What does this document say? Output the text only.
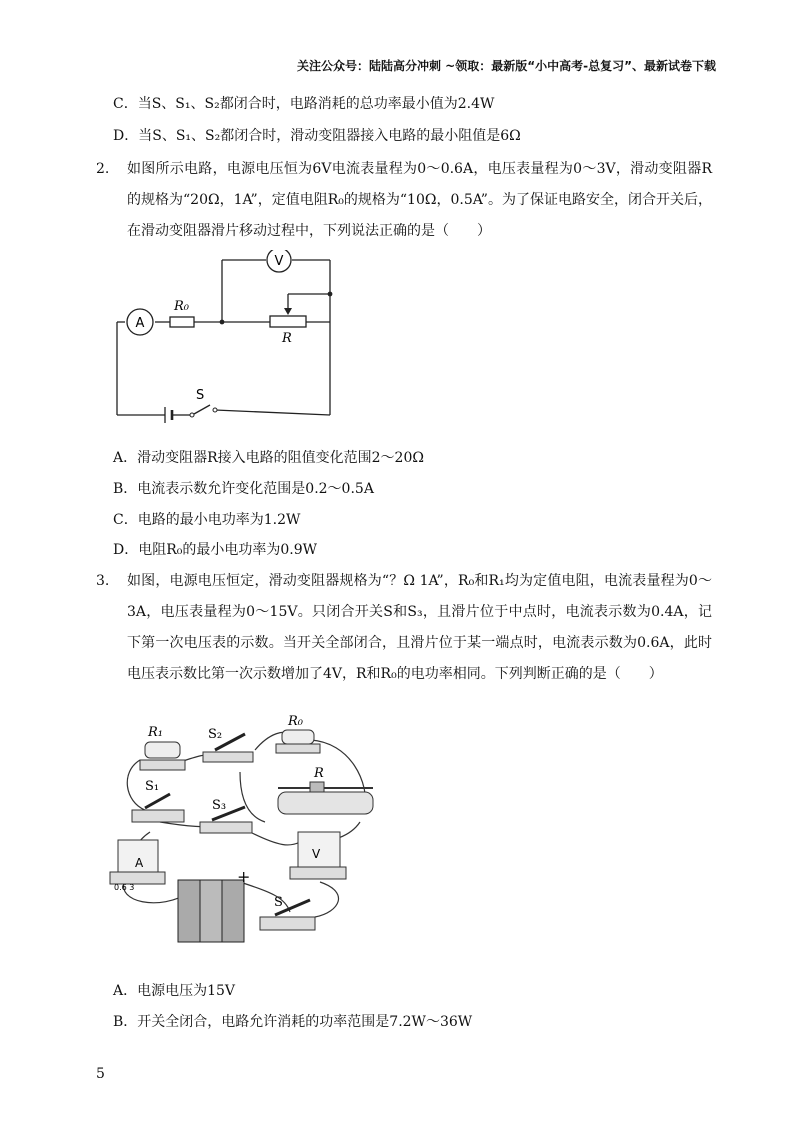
关注公众号：陆陆高分冲刺 ~领取：最新版“小中高考-总复习”、最新试卷下载
C．当S、S₁、S₂都闭合时，电路消耗的总功率最小值为2.4W
D．当S、S₁、S₂都闭合时，滑动变阻器接入电路的最小阻值是6Ω
2. 如图所示电路，电源电压恒为6V电流表量程为0～0.6A，电压表量程为0～3V，滑动变阻器R的规格为“20Ω，1A”，定值电阻R₀的规格为“10Ω，0.5A”。为了保证电路安全，闭合开关后，在滑动变阻器滑片移动过程中，下列说法正确的是（　　）
A
V
R₀
R
S
A．滑动变阻器R接入电路的阻值变化范围2～20Ω
B．电流表示数允许变化范围是0.2～0.5A
C．电路的最小电功率为1.2W
D．电阻R₀的最小电功率为0.9W
3. 如图，电源电压恒定，滑动变阻器规格为“？Ω 1A”，R₀和R₁均为定值电阻，电流表量程为0～3A，电压表量程为0～15V。只闭合开关S和S₃，且滑片位于中点时，电流表示数为0.4A，记下第一次电压表的示数。当开关全部闭合，且滑片位于某一端点时，电流表示数为0.6A，此时电压表示数比第一次示数增加了4V，R和R₀的电功率相同。下列判断正确的是（　　）
R₁	S₂
R₀
R
S₁
S₃
A
0.6 3
V
+
S
A．电源电压为15V
B．开关全闭合，电路允许消耗的功率范围是7.2W～36W
5
